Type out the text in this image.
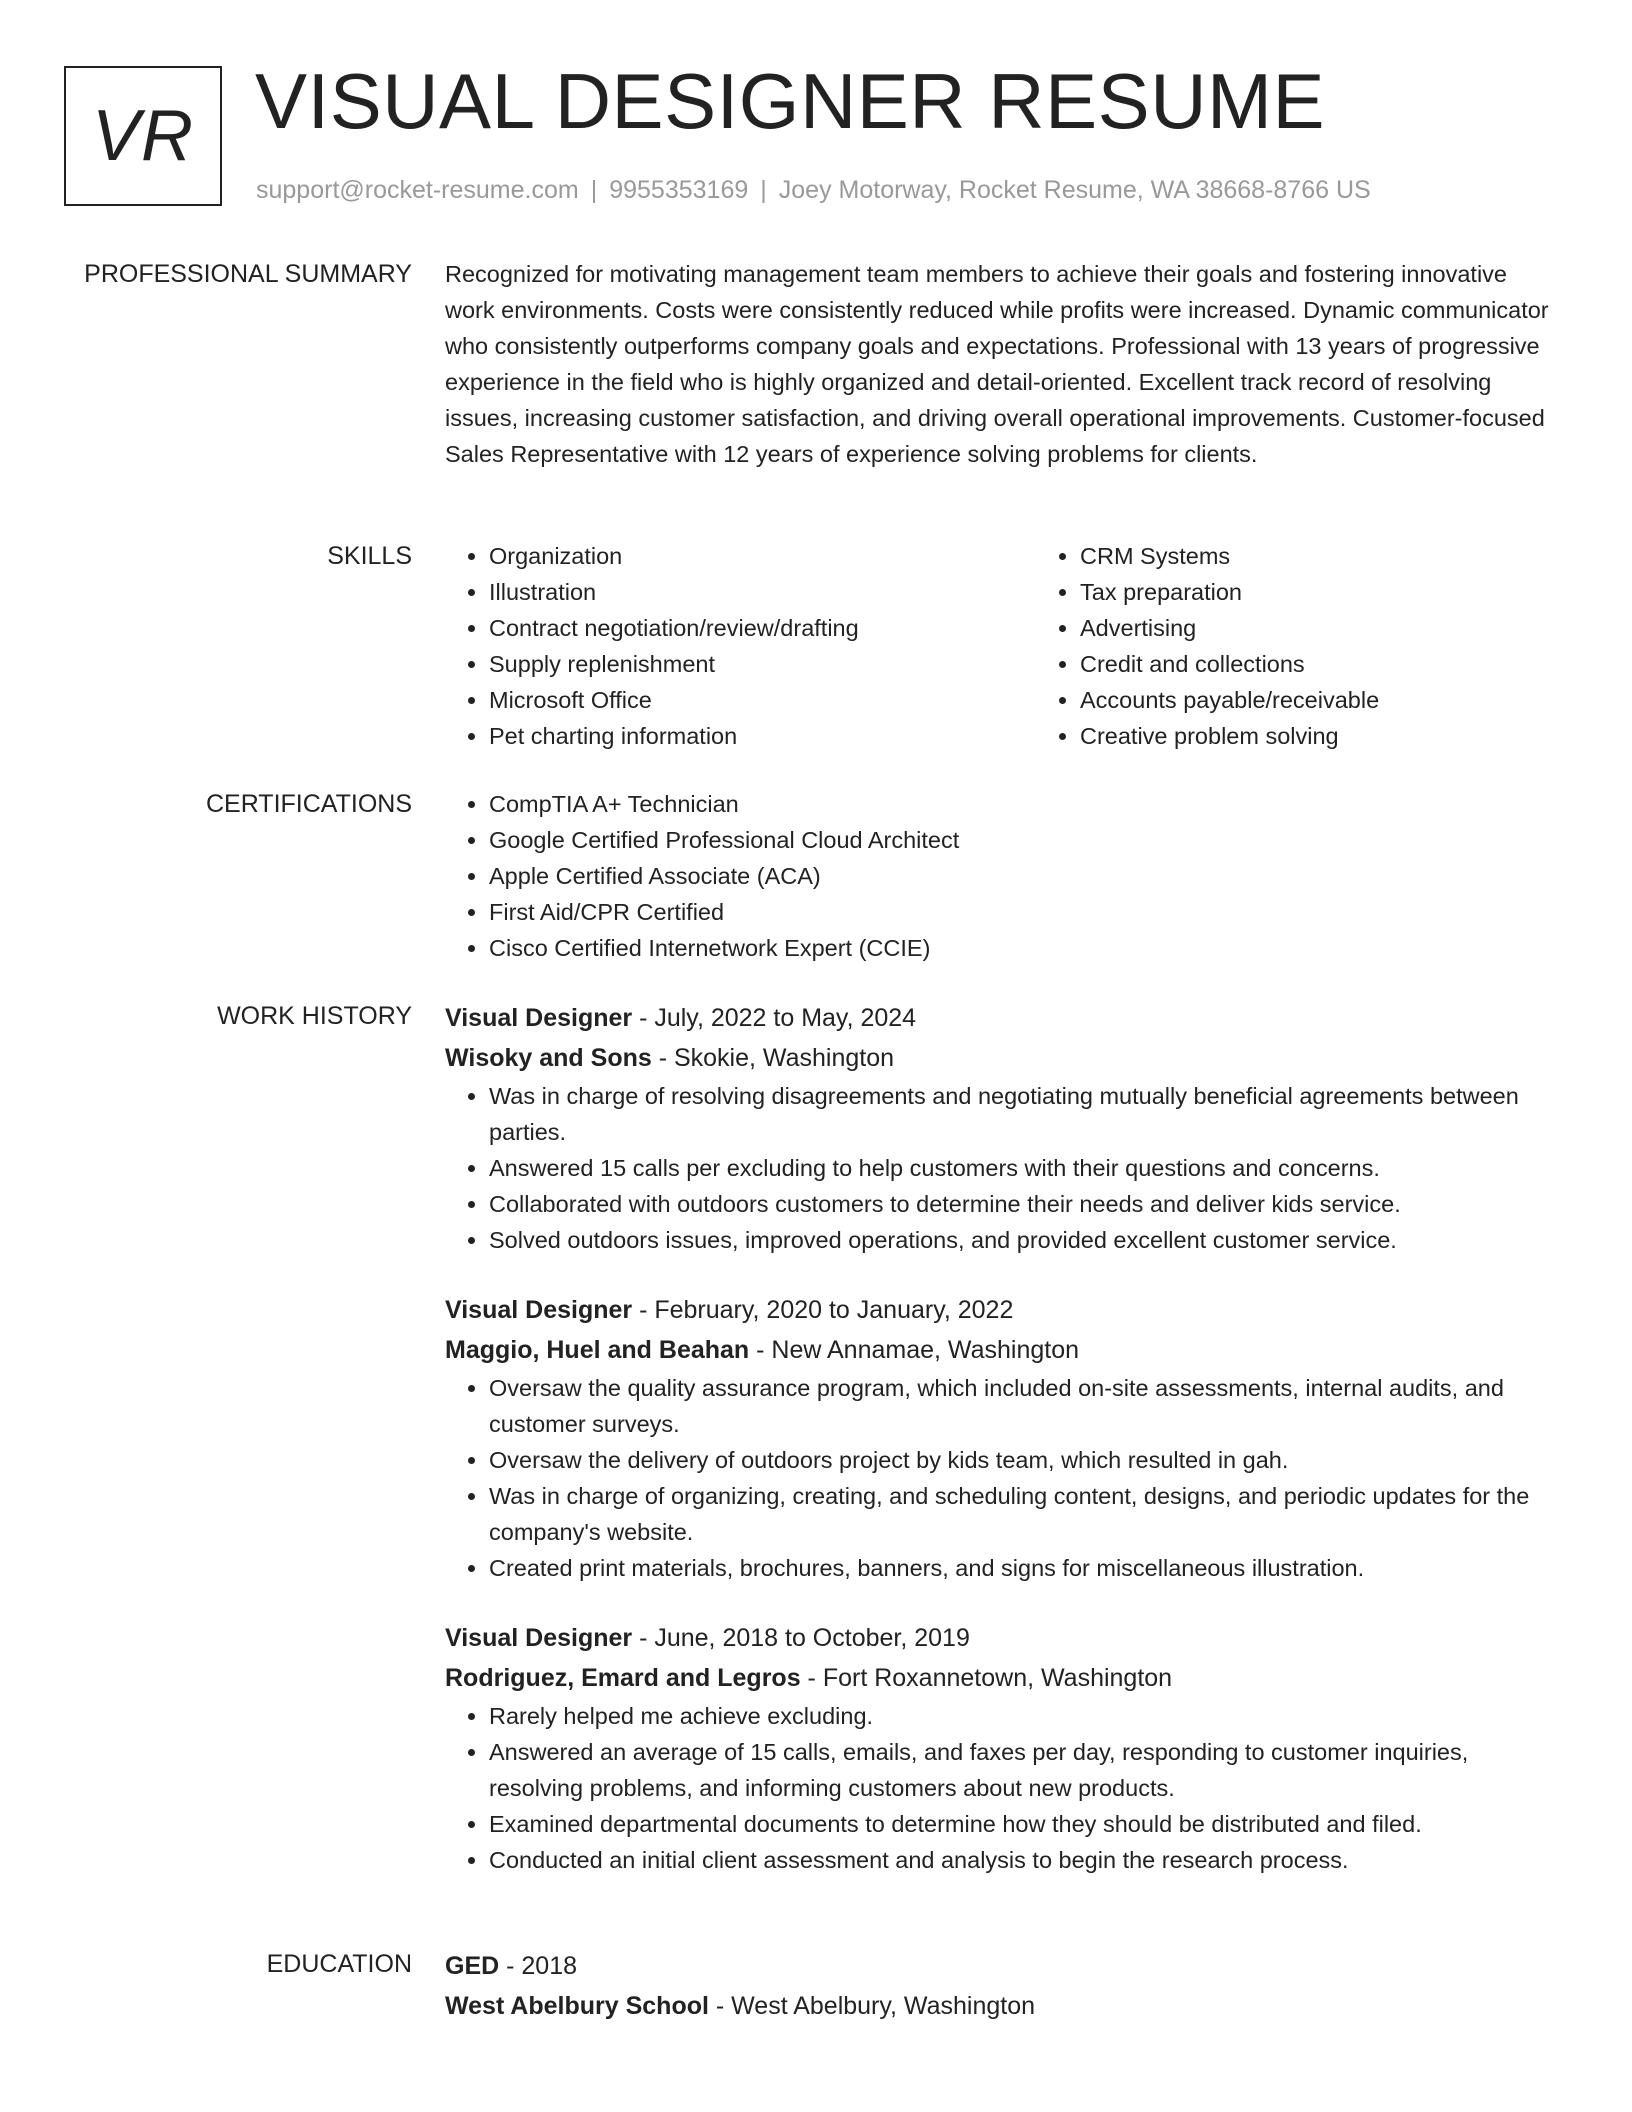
VR VISUAL DESIGNER RESUME
support@rocket-resume.com | 9955353169 | Joey Motorway, Rocket Resume, WA 38668-8766 US
PROFESSIONAL SUMMARY Recognized for motivating management team members to achieve their goals and fostering innovative work environments. Costs were consistently reduced while profits were increased. Dynamic communicator who consistently outperforms company goals and expectations. Professional with 13 years of progressive experience in the field who is highly organized and detail-oriented. Excellent track record of resolving issues, increasing customer satisfaction, and driving overall operational improvements. Customer-focused Sales Representative with 12 years of experience solving problems for clients.

SKILLS	• Organization
• Illustration
• Contract negotiation/review/drafting
• Supply replenishment
• Microsoft Office
• Pet charting information
• CRM Systems
• Tax preparation
• Advertising
• Credit and collections
• Accounts payable/receivable
• Creative problem solving
CERTIFICATIONS	• CompTIA A+ Technician
• Google Certified Professional Cloud Architect
• Apple Certified Associate (ACA)
• First Aid/CPR Certified
• Cisco Certified Internetwork Expert (CCIE)
WORK HISTORY Visual Designer - July, 2022 to May, 2024
Wisoky and Sons - Skokie, Washington
• Was in charge of resolving disagreements and negotiating mutually beneficial agreements between parties.
• Answered 15 calls per excluding to help customers with their questions and concerns.
• Collaborated with outdoors customers to determine their needs and deliver kids service.
• Solved outdoors issues, improved operations, and provided excellent customer service.
Visual Designer - February, 2020 to January, 2022
Maggio, Huel and Beahan - New Annamae, Washington
• Oversaw the quality assurance program, which included on-site assessments, internal audits, and customer surveys.
• Oversaw the delivery of outdoors project by kids team, which resulted in gah.
• Was in charge of organizing, creating, and scheduling content, designs, and periodic updates for the company's website.
• Created print materials, brochures, banners, and signs for miscellaneous illustration.
Visual Designer - June, 2018 to October, 2019
Rodriguez, Emard and Legros - Fort Roxannetown, Washington
• Rarely helped me achieve excluding.
• Answered an average of 15 calls, emails, and faxes per day, responding to customer inquiries, resolving problems, and informing customers about new products.
• Examined departmental documents to determine how they should be distributed and filed.
• Conducted an initial client assessment and analysis to begin the research process.
EDUCATION GED - 2018
West Abelbury School - West Abelbury, Washington
